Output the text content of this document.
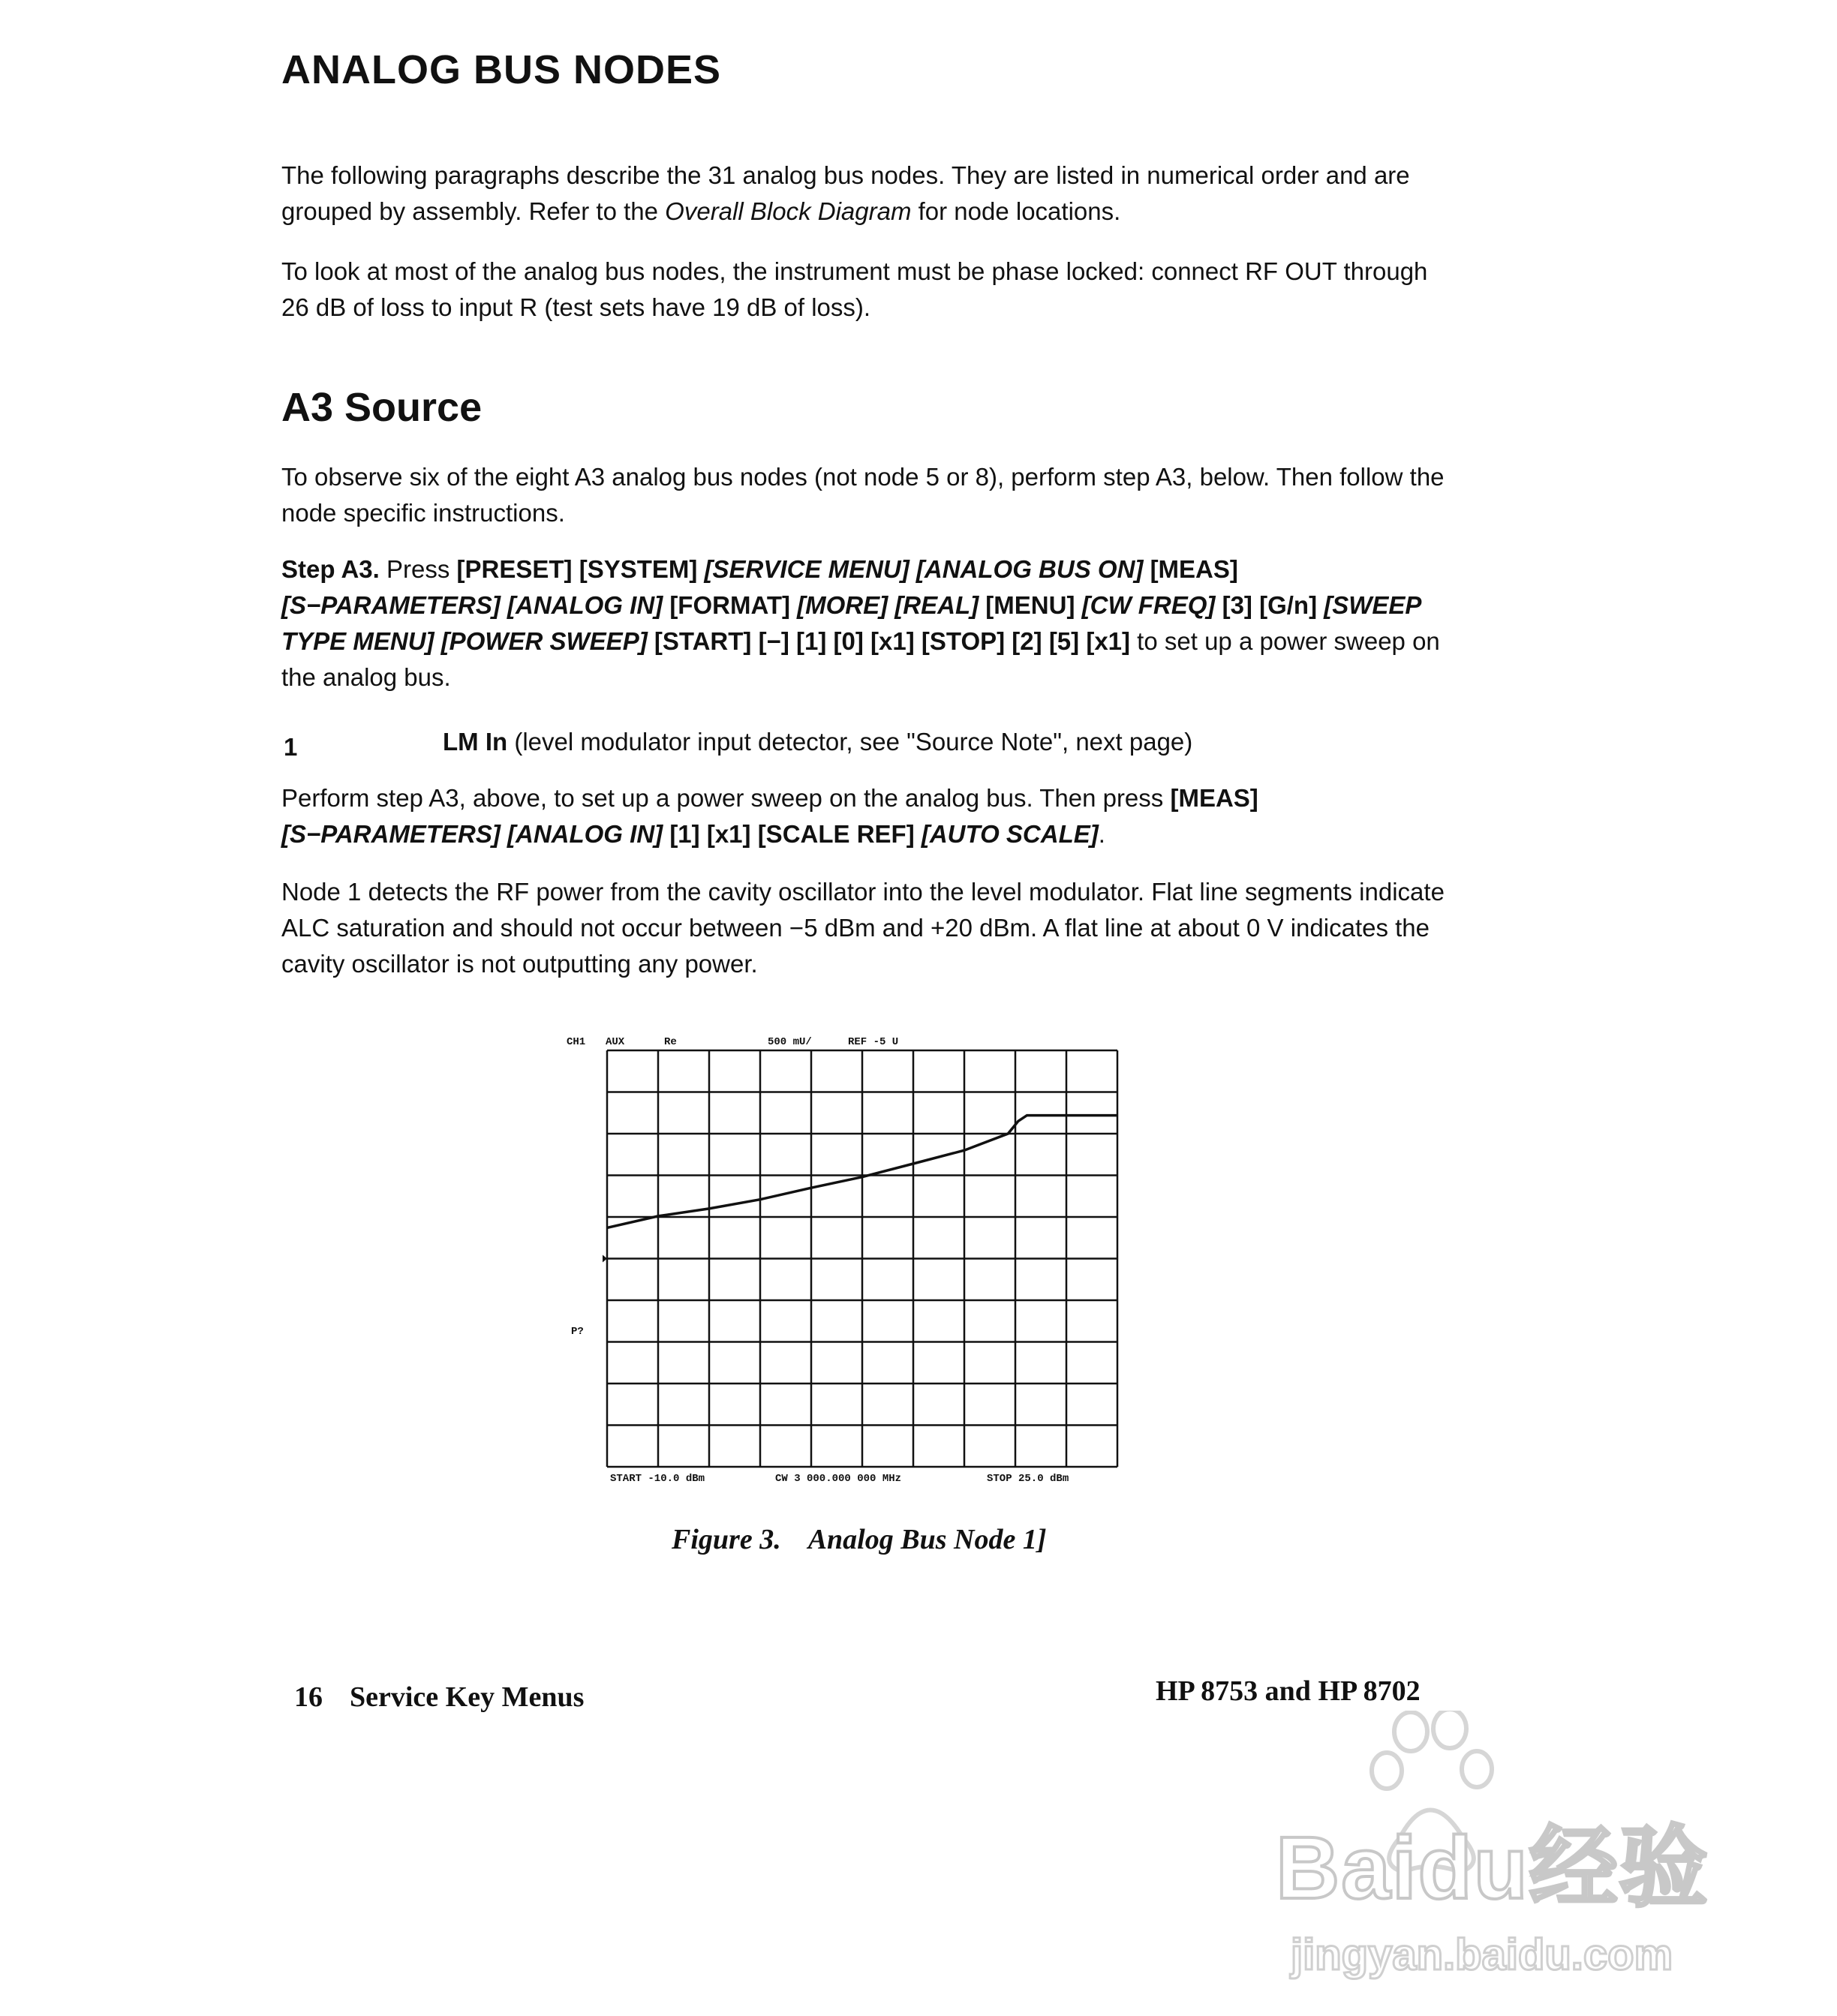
ANALOG BUS NODES

The following paragraphs describe the 31 analog bus nodes. They are listed in numerical order and are grouped by assembly. Refer to the Overall Block Diagram for node locations.

To look at most of the analog bus nodes, the instrument must be phase locked: connect RF OUT through 26 dB of loss to input R (test sets have 19 dB of loss).

A3 Source

To observe six of the eight A3 analog bus nodes (not node 5 or 8), perform step A3, below. Then follow the node specific instructions.

Step A3. Press [PRESET] [SYSTEM] [SERVICE MENU] [ANALOG BUS ON] [MEAS] [S−PARAMETERS] [ANALOG IN] [FORMAT] [MORE] [REAL] [MENU] [CW FREQ] [3] [G/n] [SWEEP TYPE MENU] [POWER SWEEP] [START] [−] [1] [0] [x1] [STOP] [2] [5] [x1] to set up a power sweep on the analog bus.

1	LM In (level modulator input detector, see "Source Note", next page)

Perform step A3, above, to set up a power sweep on the analog bus. Then press [MEAS] [S−PARAMETERS] [ANALOG IN] [1] [x1] [SCALE REF] [AUTO SCALE].

Node 1 detects the RF power from the cavity oscillator into the level modulator. Flat line segments indicate ALC saturation and should not occur between −5 dBm and +20 dBm. A flat line at about 0 V indicates the cavity oscillator is not outputting any power.

CH1 AUX	Re	500 mU/	REF -5 U
P?
START -10.0 dBm	CW 3 000.000 000 MHz	STOP 25.0 dBm
Figure 3. Analog Bus Node 1]
16 Service Key Menus	HP 8753 and HP 8702
Baidu经验
jingyan.baidu.com
